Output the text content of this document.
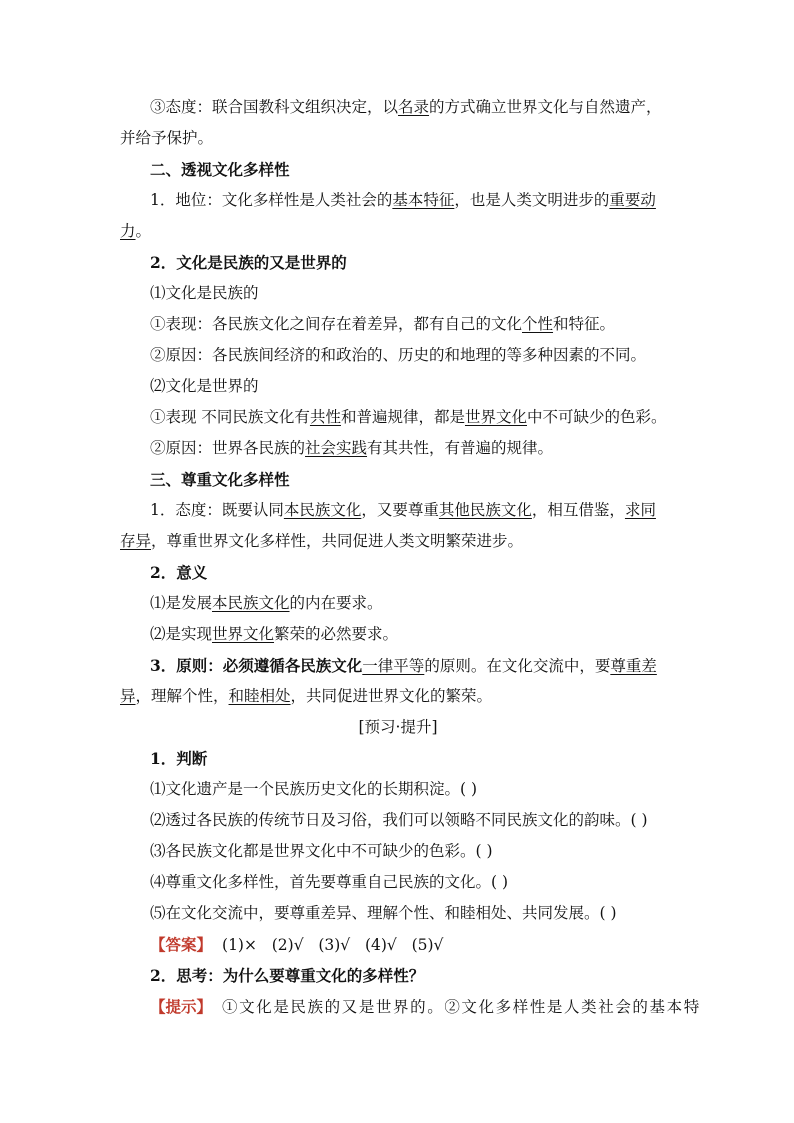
③态度：联合国教科文组织决定，以名录的方式确立世界文化与自然遗产，
并给予保护。
二、透视文化多样性
1．地位：文化多样性是人类社会的基本特征，也是人类文明进步的重要动
力。
2．文化是民族的又是世界的
⑴文化是民族的
①表现：各民族文化之间存在着差异，都有自己的文化个性和特征。
②原因：各民族间经济的和政治的、历史的和地理的等多种因素的不同。
⑵文化是世界的
①表现 不同民族文化有共性和普遍规律，都是世界文化中不可缺少的色彩。
②原因：世界各民族的社会实践有其共性，有普遍的规律。
三、尊重文化多样性
1．态度：既要认同本民族文化，又要尊重其他民族文化，相互借鉴，求同
存异，尊重世界文化多样性，共同促进人类文明繁荣进步。
2．意义
⑴是发展本民族文化的内在要求。
⑵是实现世界文化繁荣的必然要求。
3．原则：必须遵循各民族文化一律平等的原则。在文化交流中，要尊重差
异，理解个性，和睦相处，共同促进世界文化的繁荣。
[预习·提升]
1．判断
⑴文化遗产是一个民族历史文化的长期积淀。( )
⑵透过各民族的传统节日及习俗，我们可以领略不同民族文化的韵味。( )
⑶各民族文化都是世界文化中不可缺少的色彩。( )
⑷尊重文化多样性，首先要尊重自己民族的文化。( )
⑸在文化交流中，要尊重差异、理解个性、和睦相处、共同发展。( )
【答案】 (1)×   (2)√   (3)√   (4)√   (5)√
2．思考：为什么要尊重文化的多样性？
【提示】 ①文化是民族的又是世界的。②文化多样性是人类社会的基本特
